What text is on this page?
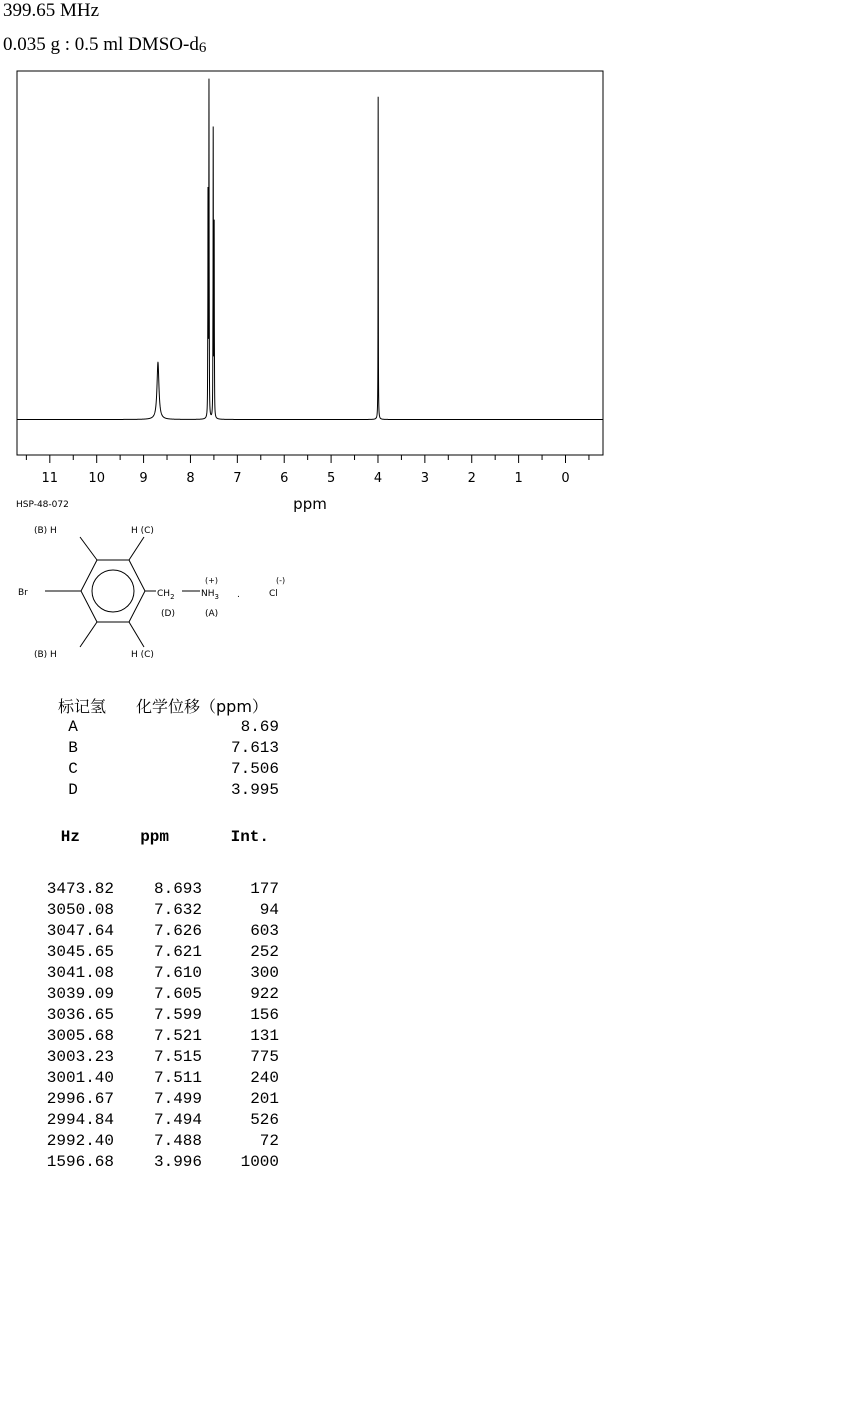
399.65 MHz
0.035 g : 0.5 ml DMSO-$d_6$
11 10	9	8	7	6	5	4	3	2	1	0
ppm
HSP-48-072
(B) H	H (C)
Br	$CH_2$
(+)
$NH_3$ .
(-)
Cl
(D)	(A)
(B) H	H (C)
标记氢 化学位移（ppm）
A	8.69
B	7.613
C	7.506
D	3.995
Hz	ppm	Int.
3473.82	8.693	177
3050.08	7.632	94
3047.64	7.626	603
3045.65	7.621	252
3041.08	7.610	300
3039.09	7.605	922
3036.65	7.599	156
3005.68	7.521	131
3003.23	7.515	775
3001.40	7.511	240
2996.67	7.499	201
2994.84	7.494	526
2992.40	7.488	72
1596.68	3.996	1000
